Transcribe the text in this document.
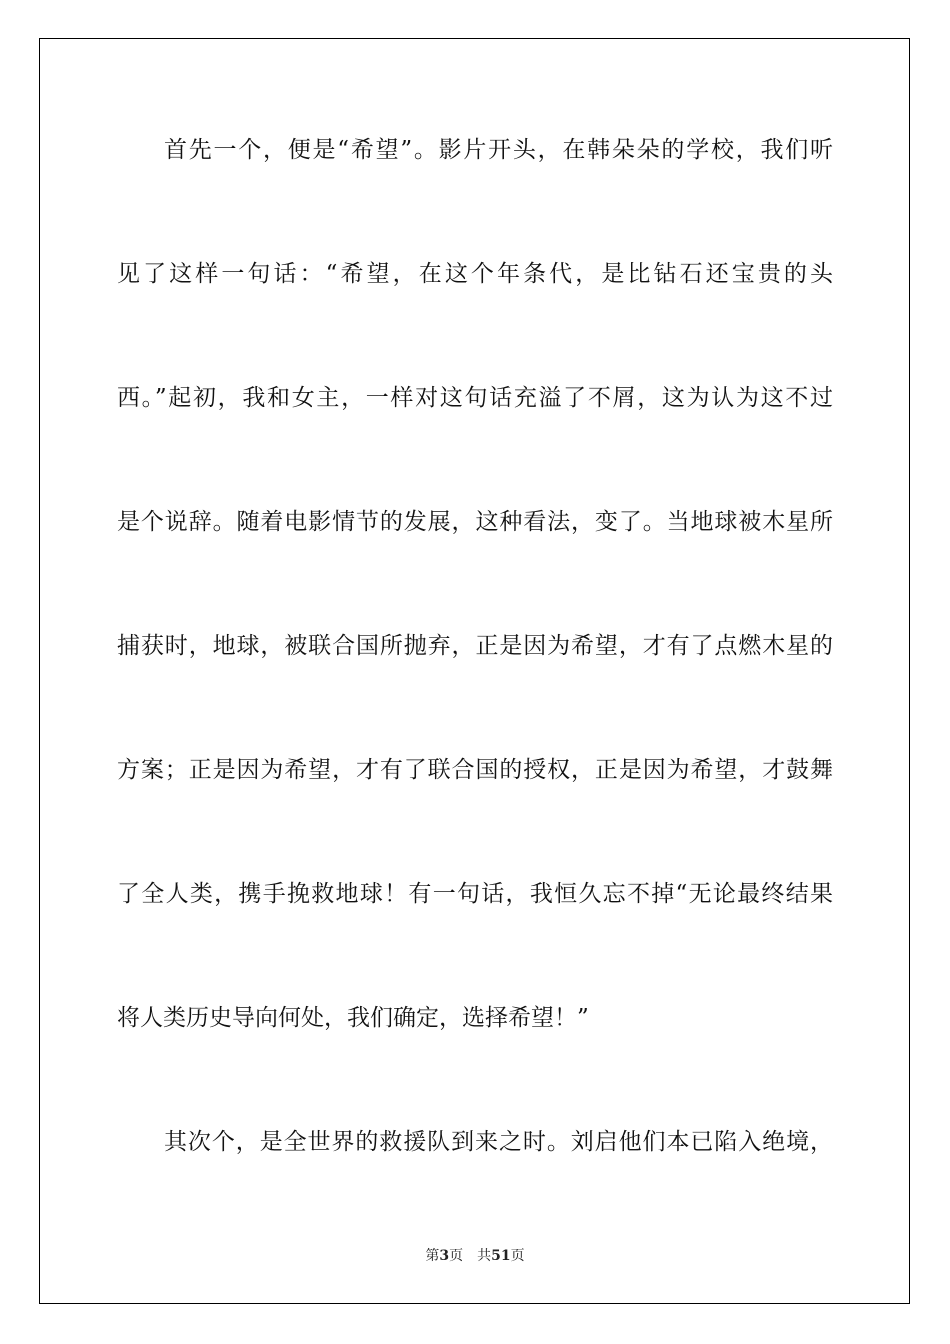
首先一个，便是“希望”。影片开头，在韩朵朵的学校，我们听
见了这样一句话：“希望，在这个年条代，是比钻石还宝贵的头
西。”起初，我和女主，一样对这句话充溢了不屑，这为认为这不过
是个说辞。随着电影情节的发展，这种看法，变了。当地球被木星所
捕获时，地球，被联合国所抛弃，正是因为希望，才有了点燃木星的
方案；正是因为希望，才有了联合国的授权，正是因为希望，才鼓舞
了全人类，携手挽救地球！有一句话，我恒久忘不掉“无论最终结果
将人类历史导向何处，我们确定，选择希望！”
其次个，是全世界的救援队到来之时。刘启他们本已陷入绝境，
第3页 共51页
